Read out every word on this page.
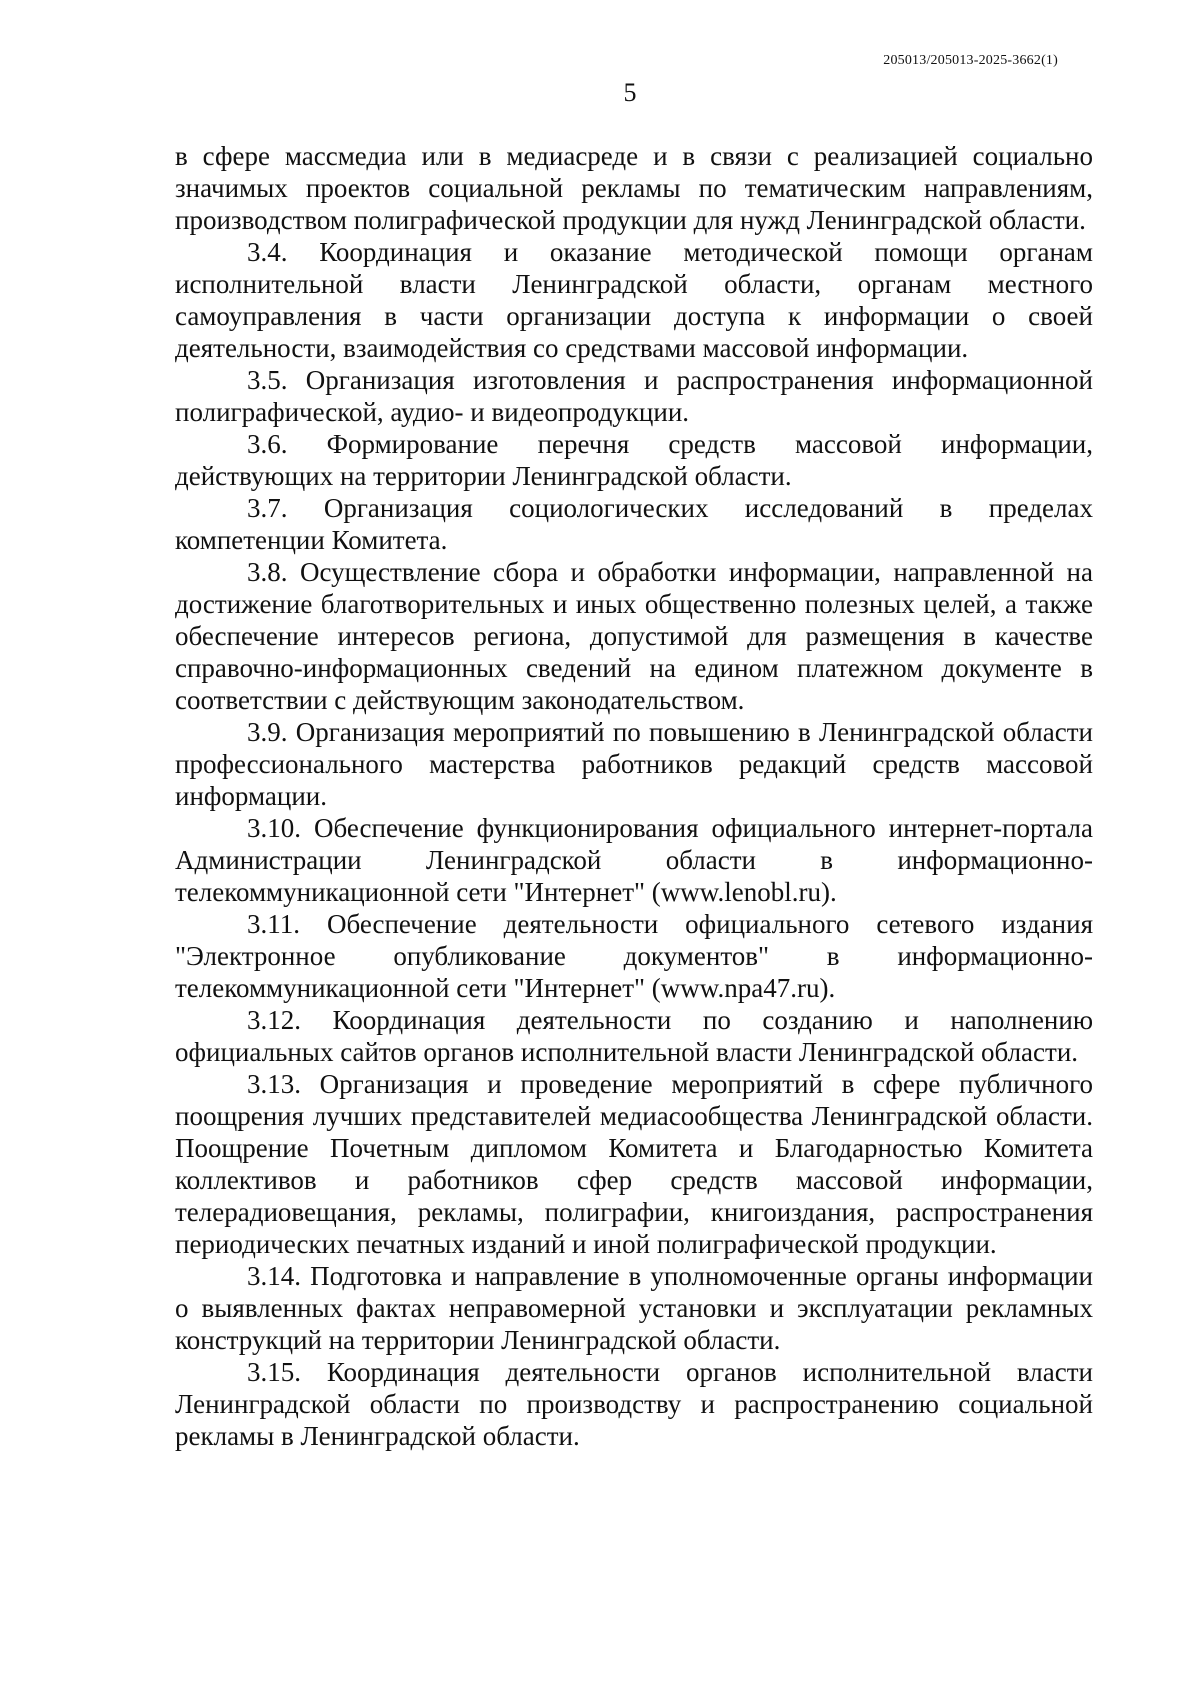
205013/205013-2025-3662(1)
5

в сфере массмедиа или в медиасреде и в связи с реализацией социально значимых проектов социальной рекламы по тематическим направлениям, производством полиграфической продукции для нужд Ленинградской области.

3.4. Координация и оказание методической помощи органам исполнительной власти Ленинградской области, органам местного самоуправления в части организации доступа к информации о своей деятельности, взаимодействия со средствами массовой информации.

3.5. Организация изготовления и распространения информационной полиграфической, аудио- и видеопродукции.

3.6. Формирование перечня средств массовой информации, действующих на территории Ленинградской области.

3.7. Организация социологических исследований в пределах компетенции Комитета.

3.8. Осуществление сбора и обработки информации, направленной на достижение благотворительных и иных общественно полезных целей, а также обеспечение интересов региона, допустимой для размещения в качестве справочно-информационных сведений на едином платежном документе в соответствии с действующим законодательством.

3.9. Организация мероприятий по повышению в Ленинградской области профессионального мастерства работников редакций средств массовой информации.

3.10. Обеспечение функционирования официального интернет-портала Администрации Ленинградской области в информационно-телекоммуникационной сети "Интернет" (www.lenobl.ru).

3.11. Обеспечение деятельности официального сетевого издания "Электронное опубликование документов" в информационно-телекоммуникационной сети "Интернет" (www.npa47.ru).

3.12. Координация деятельности по созданию и наполнению официальных сайтов органов исполнительной власти Ленинградской области.

3.13. Организация и проведение мероприятий в сфере публичного поощрения лучших представителей медиасообщества Ленинградской области. Поощрение Почетным дипломом Комитета и Благодарностью Комитета коллективов и работников сфер средств массовой информации, телерадиовещания, рекламы, полиграфии, книгоиздания, распространения периодических печатных изданий и иной полиграфической продукции.

3.14. Подготовка и направление в уполномоченные органы информации о выявленных фактах неправомерной установки и эксплуатации рекламных конструкций на территории Ленинградской области.

3.15. Координация деятельности органов исполнительной власти Ленинградской области по производству и распространению социальной рекламы в Ленинградской области.
